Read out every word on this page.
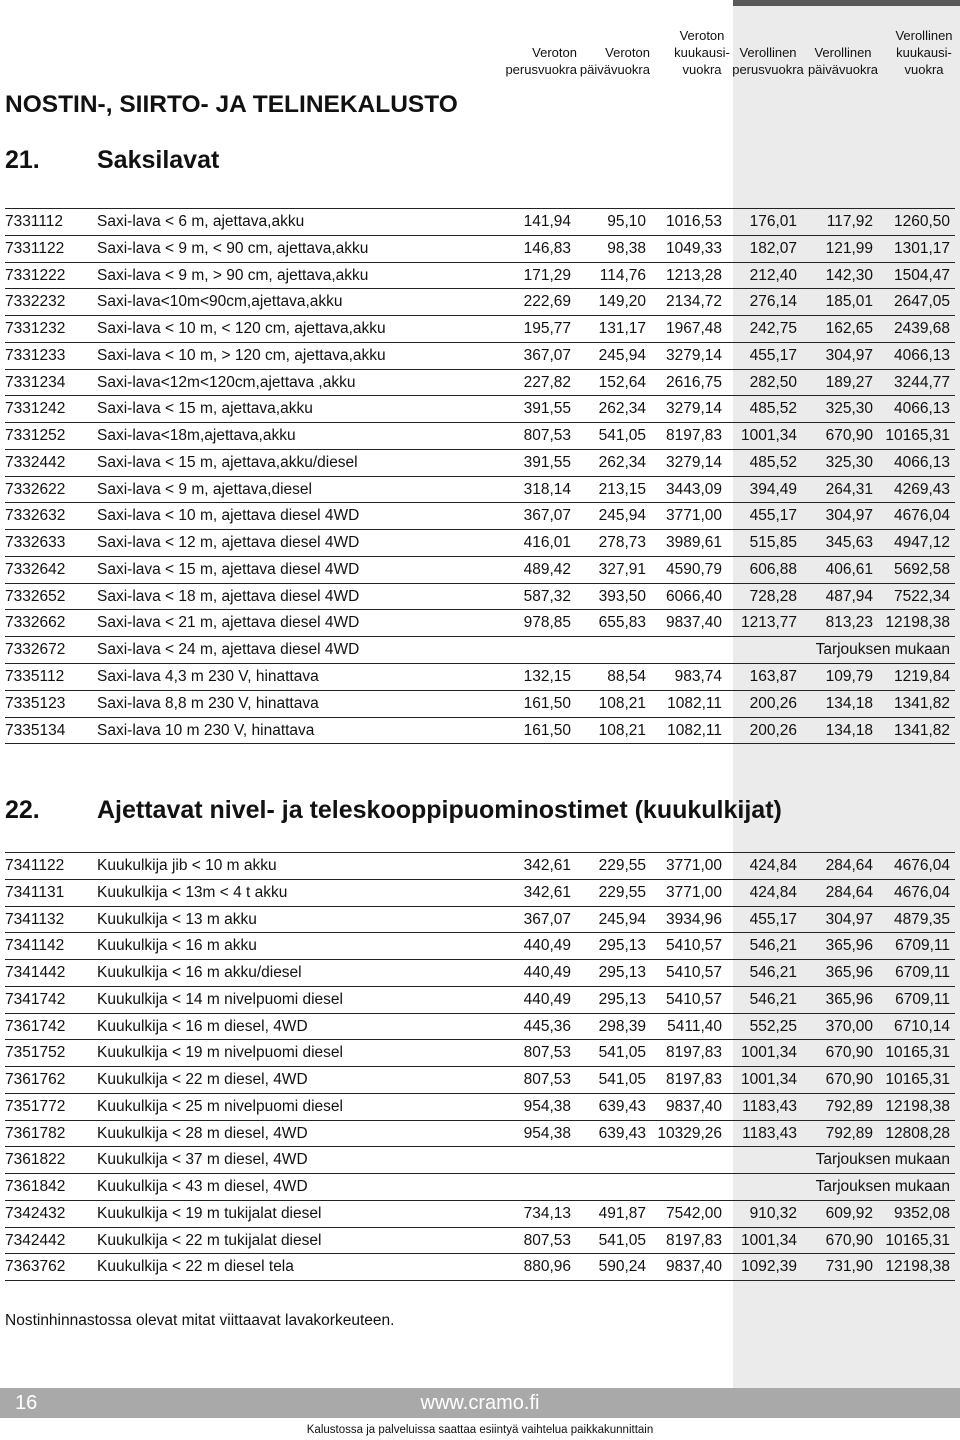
Veroton
perusvuokra
Veroton
päivävuokra
Veroton
kuukausi-
vuokra
Verollinen
perusvuokra
Verollinen
päivävuokra
Verollinen
kuukausi-
vuokra
NOSTIN-, SIIRTO- JA TELINEKALUSTO
21. Saksilavat
7331112 Saxi-lava < 6 m, ajettava,akku	141,94 95,10 1016,53 176,01 117,92 1260,50
7331122 Saxi-lava < 9 m, < 90 cm, ajettava,akku	146,83 98,38 1049,33 182,07 121,99 1301,17
7331222 Saxi-lava < 9 m, > 90 cm, ajettava,akku	171,29 114,76 1213,28 212,40 142,30 1504,47
7332232 Saxi-lava<10m<90cm,ajettava,akku	222,69 149,20 2134,72 276,14 185,01 2647,05
7331232 Saxi-lava < 10 m, < 120 cm, ajettava,akku	195,77 131,17 1967,48 242,75 162,65 2439,68
7331233 Saxi-lava < 10 m, > 120 cm, ajettava,akku	367,07 245,94 3279,14 455,17 304,97 4066,13
7331234 Saxi-lava<12m<120cm,ajettava ,akku	227,82 152,64 2616,75 282,50 189,27 3244,77
7331242 Saxi-lava < 15 m, ajettava,akku	391,55 262,34 3279,14 485,52 325,30 4066,13
7331252 Saxi-lava<18m,ajettava,akku	807,53 541,05 8197,83 1001,34 670,90 10165,31
7332442 Saxi-lava < 15 m, ajettava,akku/diesel	391,55 262,34 3279,14 485,52 325,30 4066,13
7332622 Saxi-lava < 9 m, ajettava,diesel	318,14 213,15 3443,09 394,49 264,31 4269,43
7332632 Saxi-lava < 10 m, ajettava diesel 4WD	367,07 245,94 3771,00 455,17 304,97 4676,04
7332633 Saxi-lava < 12 m, ajettava diesel 4WD	416,01 278,73 3989,61 515,85 345,63 4947,12
7332642 Saxi-lava < 15 m, ajettava diesel 4WD	489,42 327,91 4590,79 606,88 406,61 5692,58
7332652 Saxi-lava < 18 m, ajettava diesel 4WD	587,32 393,50 6066,40 728,28 487,94 7522,34
7332662 Saxi-lava < 21 m, ajettava diesel 4WD	978,85 655,83 9837,40 1213,77 813,23 12198,38
7332672 Saxi-lava < 24 m, ajettava diesel 4WD	Tarjouksen mukaan
7335112 Saxi-lava 4,3 m 230 V, hinattava	132,15 88,54 983,74 163,87 109,79 1219,84
7335123 Saxi-lava 8,8 m 230 V, hinattava	161,50 108,21 1082,11 200,26 134,18 1341,82
7335134 Saxi-lava 10 m 230 V, hinattava	161,50 108,21 1082,11 200,26 134,18 1341,82
22. Ajettavat nivel- ja teleskooppipuominostimet (kuukulkijat)
7341122 Kuukulkija jib < 10 m akku	342,61 229,55 3771,00 424,84 284,64 4676,04
7341131 Kuukulkija < 13m < 4 t akku	342,61 229,55 3771,00 424,84 284,64 4676,04
7341132 Kuukulkija < 13 m akku	367,07 245,94 3934,96 455,17 304,97 4879,35
7341142 Kuukulkija < 16 m akku	440,49 295,13 5410,57 546,21 365,96 6709,11
7341442 Kuukulkija < 16 m akku/diesel	440,49 295,13 5410,57 546,21 365,96 6709,11
7341742 Kuukulkija < 14 m nivelpuomi diesel	440,49 295,13 5410,57 546,21 365,96 6709,11
7361742 Kuukulkija < 16 m diesel, 4WD	445,36 298,39 5411,40 552,25 370,00 6710,14
7351752 Kuukulkija < 19 m nivelpuomi diesel	807,53 541,05 8197,83 1001,34 670,90 10165,31
7361762 Kuukulkija < 22 m diesel, 4WD	807,53 541,05 8197,83 1001,34 670,90 10165,31
7351772 Kuukulkija < 25 m nivelpuomi diesel	954,38 639,43 9837,40 1183,43 792,89 12198,38
7361782 Kuukulkija < 28 m diesel, 4WD	954,38 639,43 10329,26 1183,43 792,89 12808,28
7361822 Kuukulkija < 37 m diesel, 4WD	Tarjouksen mukaan
7361842 Kuukulkija < 43 m diesel, 4WD	Tarjouksen mukaan
7342432 Kuukulkija < 19 m tukijalat diesel	734,13 491,87 7542,00 910,32 609,92 9352,08
7342442 Kuukulkija < 22 m tukijalat diesel	807,53 541,05 8197,83 1001,34 670,90 10165,31
7363762 Kuukulkija < 22 m diesel tela	880,96 590,24 9837,40 1092,39 731,90 12198,38
Nostinhinnastossa olevat mitat viittaavat lavakorkeuteen.
16	www.cramo.fi
Kalustossa ja palveluissa saattaa esiintyä vaihtelua paikkakunnittain
